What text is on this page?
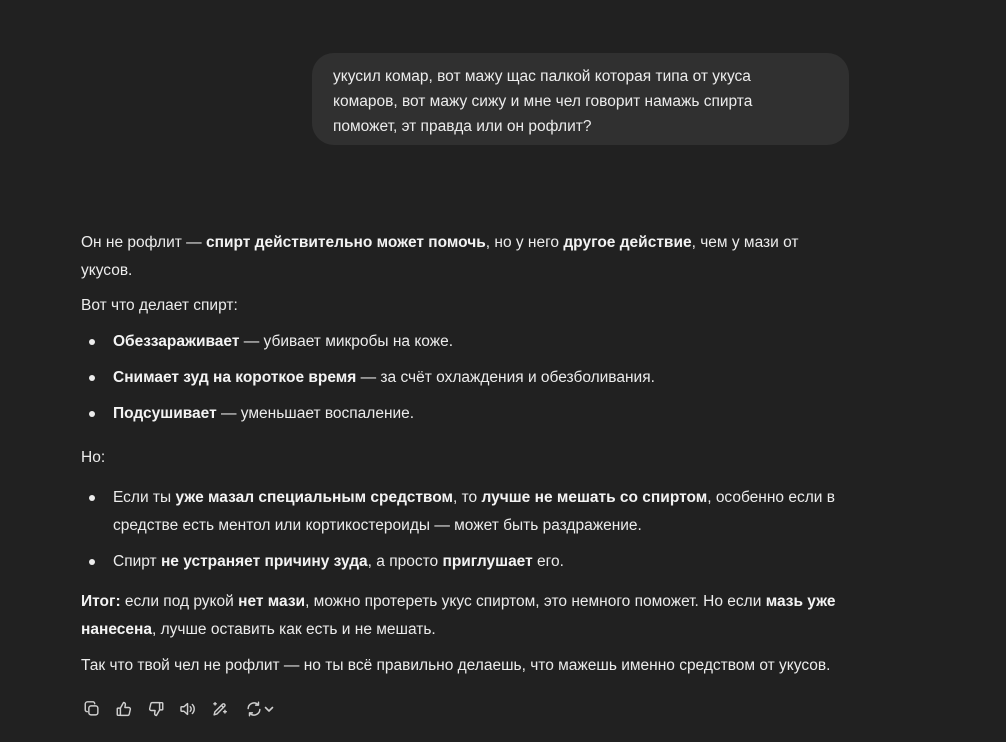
укусил комар, вот мажу щас палкой которая типа от укуса
комаров, вот мажу сижу и мне чел говорит намажь спирта
поможет, эт правда или он рофлит?

Он не рофлит — спирт действительно может помочь, но у него другое действие, чем у мази от укусов.

Вот что делает спирт:

Обеззараживает — убивает микробы на коже.
Снимает зуд на короткое время — за счёт охлаждения и обезболивания.
Подсушивает — уменьшает воспаление.

Но:

Если ты уже мазал специальным средством, то лучше не мешать со спиртом, особенно если в средстве есть ментол или кортикостероиды — может быть раздражение.
Спирт не устраняет причину зуда, а просто приглушает его.

Итог: если под рукой нет мази, можно протереть укус спиртом, это немного поможет. Но если мазь уже нанесена, лучше оставить как есть и не мешать.

Так что твой чел не рофлит — но ты всё правильно делаешь, что мажешь именно средством от укусов.
